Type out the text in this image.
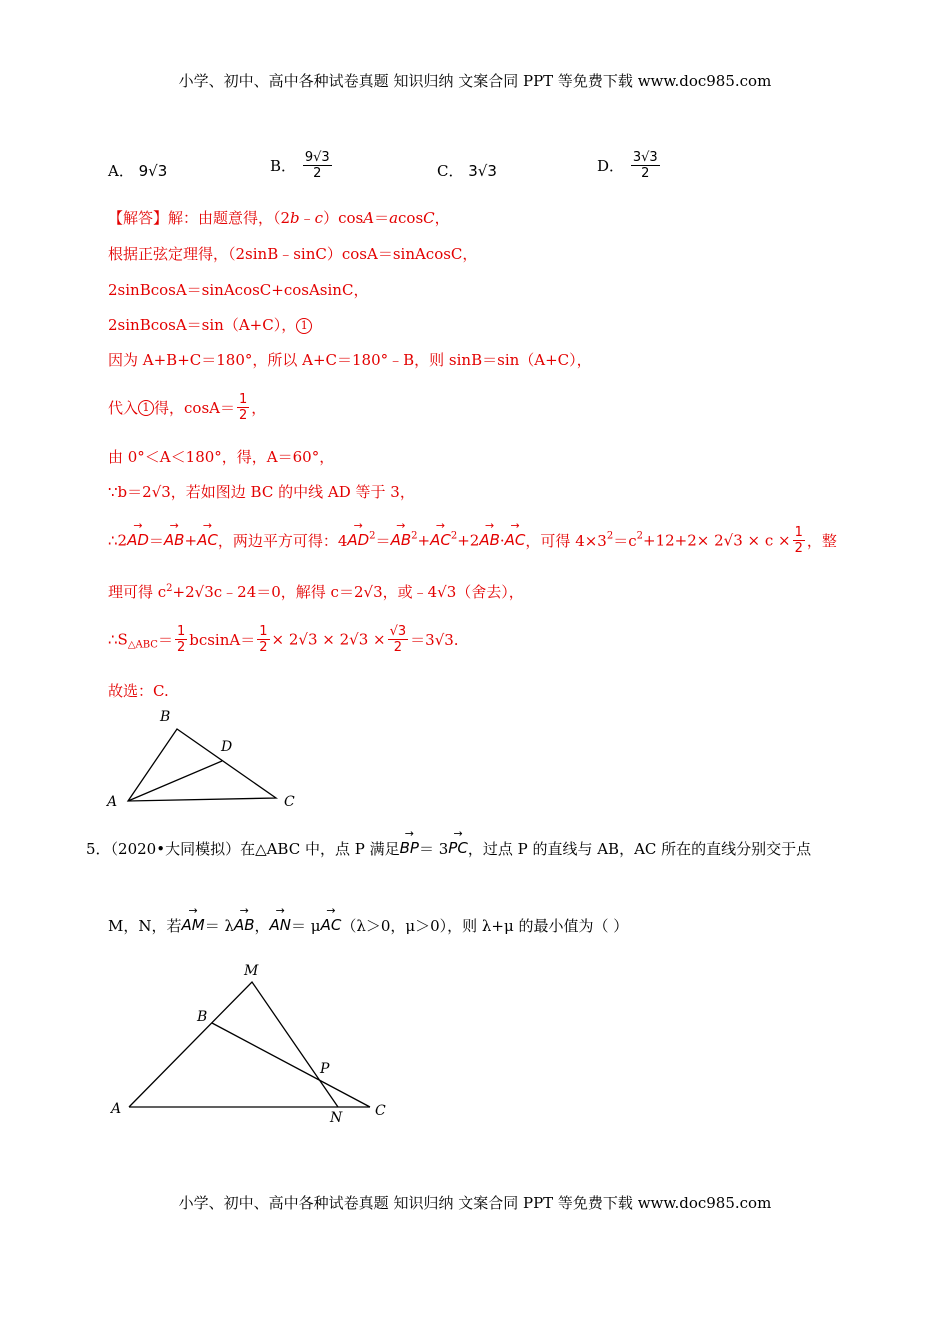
小学、初中、高中各种试卷真题 知识归纳 文案合同 PPT 等免费下载 www.doc985.com
A． 9√3	B． $\frac{9√3}{2}$	C． 3√3	D． $\frac{3√3}{2}$
【解答】解：由题意得，（2b﹣c）cosA＝acosC，
根据正弦定理得，（2sinB﹣sinC）cosA＝sinAcosC，
2sinBcosA＝sinAcosC+cosAsinC，
2sinBcosA＝sin（A+C）， 1
因为 A+B+C＝180°，所以 A+C＝180°﹣B，则 sinB＝sin（A+C），
代入 1 得，$\cos A= \frac{1}{2}$ ，
由 0°＜A＜180°，得，A＝60°，
∵b＝2√3，若如图边 BC 的中线 AD 等于 3，
∴2→ AD＝→ AB+→ AC，两边平方可得：$4\to AD^2=\to AB^2+\to AC^2+2\to AB\cdot\to$ AC，可得 $4\times 3^2=c^2+12+2\times 2√3 \times c \times \frac{1}{2}$ ，整
理可得 $c^2+2√3c﹣24=0$，解得 c＝2√3，或﹣4√3（舍去），
$\therefore S_{\triangle ABC}= \frac{1}{2} bcsinA= \frac{1}{2} \times 2√3 \times 2√3 \times \frac{√3}{2} =3√3$.
故选：C.
B
D
A	C
5．（2020•大同模拟）在△ABC 中，点 P 满足→ BP＝ 3→ PC，过点 P 的直线与 AB，AC 所在的直线分别交于点
M，N，若→ AM＝ λ→ AB，→ AN＝ μ→ AC（λ＞0，μ＞0），则 λ+μ 的最小值为（ ）
M
B
P
A
N C
小学、初中、高中各种试卷真题 知识归纳 文案合同 PPT 等免费下载 www.doc985.com
